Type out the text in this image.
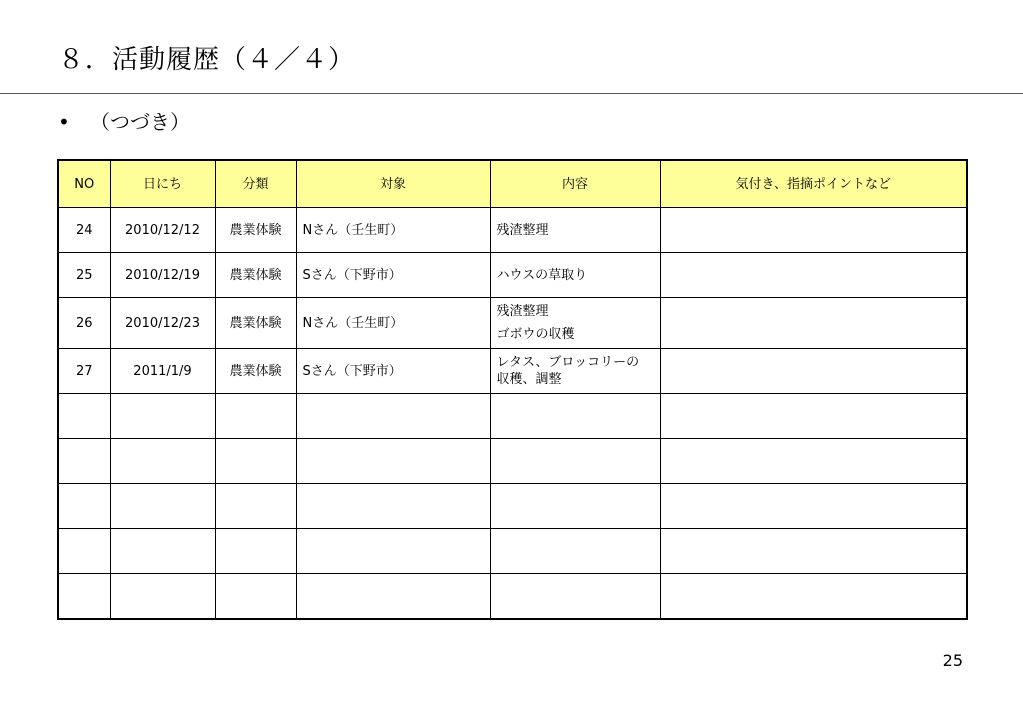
８．活動履歴（４／４）
• （つづき）
NO	日にち	分類	対象	内容	気付き、指摘ポイントなど
24	2010/12/12	農業体験	Nさん（壬生町）	残渣整理	

25	2010/12/19	農業体験	Sさん（下野市）	ハウスの草取り	

26	2010/12/23	農業体験	Nさん（壬生町）	残渣整理
ゴボウの収穫	

27	2011/1/9	農業体験	Sさん（下野市）	レタス、ブロッコリーの
収穫、調整	

25
